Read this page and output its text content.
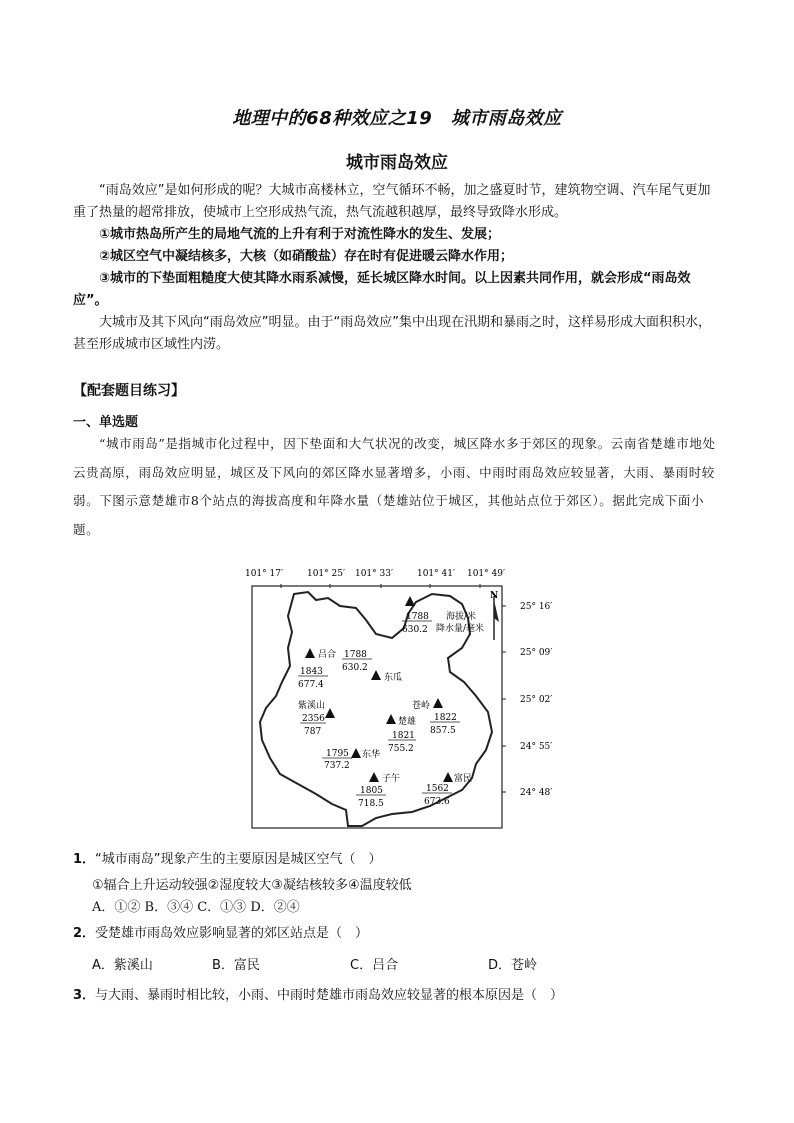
地理中的68种效应之19　城市雨岛效应
城市雨岛效应

“雨岛效应”是如何形成的呢？大城市高楼林立，空气循环不畅，加之盛夏时节，建筑物空调、汽车尾气更加重了热量的超常排放，使城市上空形成热气流，热气流越积越厚，最终导致降水形成。

①城市热岛所产生的局地气流的上升有利于对流性降水的发生、发展；

②城区空气中凝结核多，大核（如硝酸盐）存在时有促进暖云降水作用；

③城市的下垫面粗糙度大使其降水雨系减慢，延长城区降水时间。以上因素共同作用，就会形成“雨岛效应”。

大城市及其下风向“雨岛效应”明显。由于“雨岛效应”集中出现在汛期和暴雨之时，这样易形成大面积积水，甚至形成城市区域性内涝。

【配套题目练习】
一、单选题

“城市雨岛”是指城市化过程中，因下垫面和大气状况的改变，城区降水多于郊区的现象。云南省楚雄市地处云贵高原，雨岛效应明显，城区及下风向的郊区降水显著增多，小雨、中雨时雨岛效应较显著，大雨、暴雨时较弱。下图示意楚雄市8个站点的海拔高度和年降水量（楚雄站位于城区，其他站点位于郊区）。据此完成下面小题。

101° 17′	101° 25′ 101° 33′	101° 41′ 101° 49′
25° 16′
25° 09′
25° 02′
24° 55′
24° 48′
N
1788
630.2
海拔/米
降水量/毫米
吕合
1843
677.4
1788
630.2
东瓜
紫溪山
2356
787
楚雄
1821
755.2
苍岭
1822
857.5
1795 东华
737.2
子午
1805
718.5
富民
1562
673.6
1．“城市雨岛”现象产生的主要原因是城区空气（　）
①辐合上升运动较强②湿度较大③凝结核较多④温度较低
A．①② B．③④ C．①③ D．②④
2．受楚雄市雨岛效应影响显著的郊区站点是（　）
A．紫溪山	B．富民	C．吕合	D．苍岭
3．与大雨、暴雨时相比较，小雨、中雨时楚雄市雨岛效应较显著的根本原因是（　）
